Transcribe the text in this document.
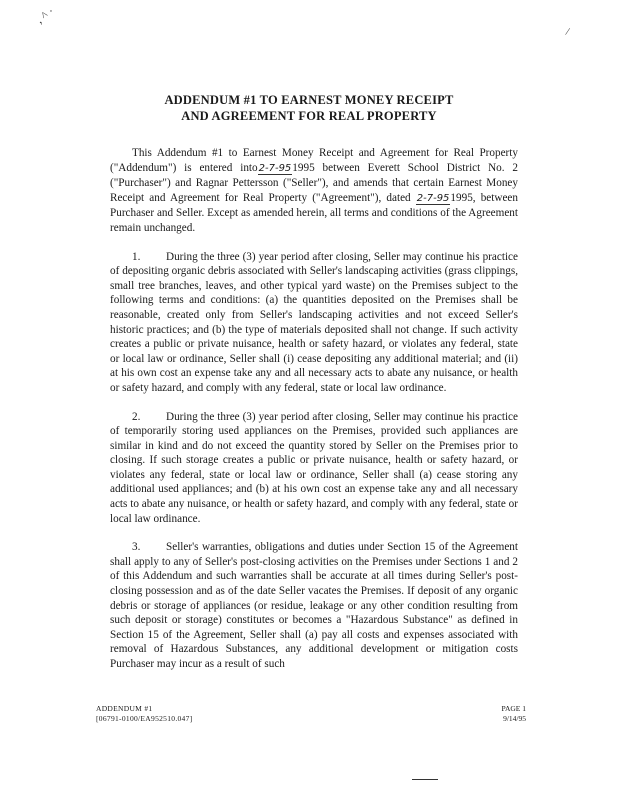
, ^ ·
/
ADDENDUM #1 TO EARNEST MONEY RECEIPT
AND AGREEMENT FOR REAL PROPERTY

This Addendum #1 to Earnest Money Receipt and Agreement for Real Property ("Addendum") is entered into2-7-951995 between Everett School District No. 2 ("Purchaser") and Ragnar Pettersson ("Seller"), and amends that certain Earnest Money Receipt and Agreement for Real Property ("Agreement"), dated 2-7-951995, between Purchaser and Seller. Except as amended herein, all terms and conditions of the Agreement remain unchanged.

1. During the three (3) year period after closing, Seller may continue his practice of depositing organic debris associated with Seller's landscaping activities (grass clippings, small tree branches, leaves, and other typical yard waste) on the Premises subject to the following terms and conditions: (a) the quantities deposited on the Premises shall be reasonable, created only from Seller's landscaping activities and not exceed Seller's historic practices; and (b) the type of materials deposited shall not change. If such activity creates a public or private nuisance, health or safety hazard, or violates any federal, state or local law or ordinance, Seller shall (i) cease depositing any additional material; and (ii) at his own cost an expense take any and all necessary acts to abate any nuisance, or health or safety hazard, and comply with any federal, state or local law ordinance.

2. During the three (3) year period after closing, Seller may continue his practice of temporarily storing used appliances on the Premises, provided such appliances are similar in kind and do not exceed the quantity stored by Seller on the Premises prior to closing. If such storage creates a public or private nuisance, health or safety hazard, or violates any federal, state or local law or ordinance, Seller shall (a) cease storing any additional used appliances; and (b) at his own cost an expense take any and all necessary acts to abate any nuisance, or health or safety hazard, and comply with any federal, state or local law ordinance.

3. Seller's warranties, obligations and duties under Section 15 of the Agreement shall apply to any of Seller's post-closing activities on the Premises under Sections 1 and 2 of this Addendum and such warranties shall be accurate at all times during Seller's post-closing possession and as of the date Seller vacates the Premises. If deposit of any organic debris or storage of appliances (or residue, leakage or any other condition resulting from such deposit or storage) constitutes or becomes a "Hazardous Substance" as defined in Section 15 of the Agreement, Seller shall (a) pay all costs and expenses associated with removal of Hazardous Substances, any additional development or mitigation costs Purchaser may incur as a result of such

ADDENDUM #1
[06791-0100/EA952510.047]
PAGE 1
9/14/95
